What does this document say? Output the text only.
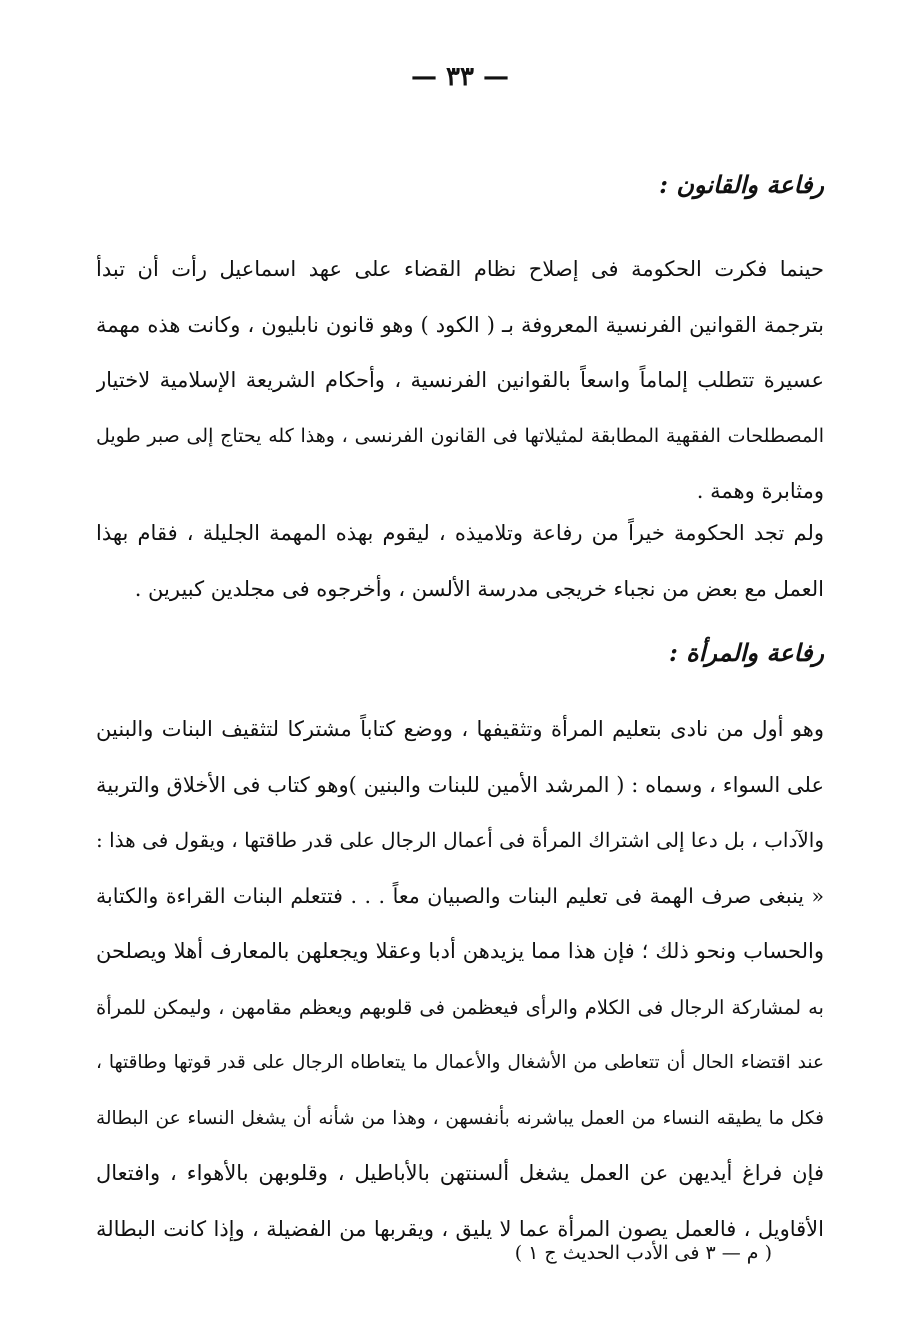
— ٣٣ —
رفاعة والقانون :
حينما فكرت الحكومة فى إصلاح نظام القضاء على عهد اسماعيل رأت أن تبدأ
بترجمة القوانين الفرنسية المعروفة بـ ( الكود ) وهو قانون نابليون ، وكانت هذه مهمة
عسيرة تتطلب إلماماً واسعاً بالقوانين الفرنسية ، وأحكام الشريعة الإسلامية لاختيار
المصطلحات الفقهية المطابقة لمثيلاتها فى القانون الفرنسى ، وهذا كله يحتاج إلى صبر طويل
ومثابرة وهمة .
ولم تجد الحكومة خيراً من رفاعة وتلاميذه ، ليقوم بهذه المهمة الجليلة ، فقام بهذا
العمل مع بعض من نجباء خريجى مدرسة الألسن ، وأخرجوه فى مجلدين كبيرين .
رفاعة والمرأة :
وهو أول من نادى بتعليم المرأة وتثقيفها ، ووضع كتاباً مشتركا لتثقيف البنات والبنين
على السواء ، وسماه : ( المرشد الأمين للبنات والبنين )وهو كتاب فى الأخلاق والتربية
والآداب ، بل دعا إلى اشتراك المرأة فى أعمال الرجال على قدر طاقتها ، ويقول فى هذا :
« ينبغى صرف الهمة فى تعليم البنات والصبيان معاً . . . فتتعلم البنات القراءة والكتابة
والحساب ونحو ذلك ؛ فإن هذا مما يزيدهن أدبا وعقلا ويجعلهن بالمعارف أهلا ويصلحن
به لمشاركة الرجال فى الكلام والرأى فيعظمن فى قلوبهم ويعظم مقامهن ، وليمكن للمرأة
عند اقتضاء الحال أن تتعاطى من الأشغال والأعمال ما يتعاطاه الرجال على قدر قوتها وطاقتها ،
فكل ما يطيقه النساء من العمل يباشرنه بأنفسهن ، وهذا من شأنه أن يشغل النساء عن البطالة
فإن فراغ أيديهن عن العمل يشغل ألسنتهن بالأباطيل ، وقلوبهن بالأهواء ، وافتعال
الأقاويل ، فالعمل يصون المرأة عما لا يليق ، ويقربها من الفضيلة ، وإذا كانت البطالة
( م — ٣ فى الأدب الحديث ج ١ )
